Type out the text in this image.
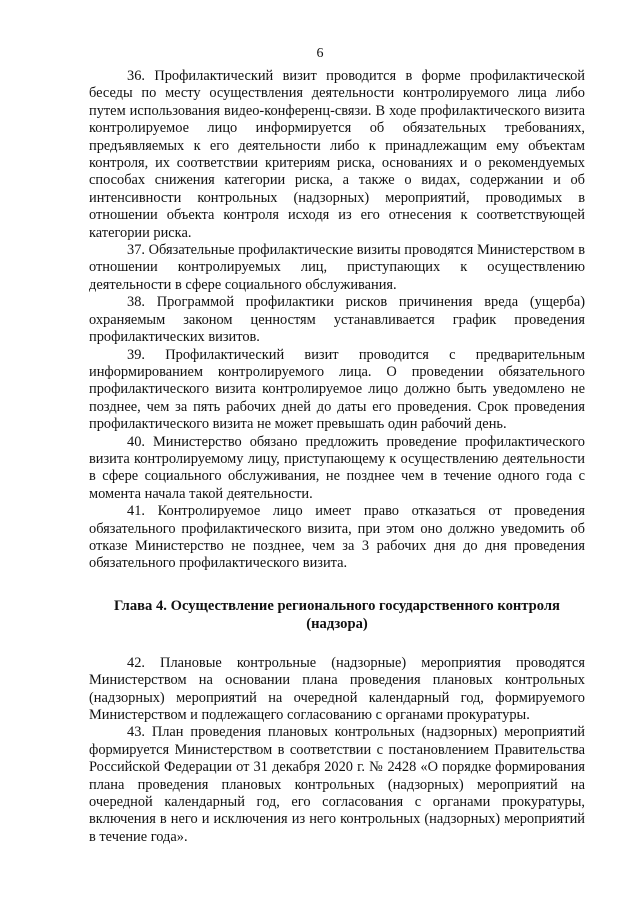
6

36. Профилактический визит проводится в форме профилактической беседы по месту осуществления деятельности контролируемого лица либо путем использования видео-конференц-связи. В ходе профилактического визита контролируемое лицо информируется об обязательных требованиях, предъявляемых к его деятельности либо к принадлежащим ему объектам контроля, их соответствии критериям риска, основаниях и о рекомендуемых способах снижения категории риска, а также о видах, содержании и об интенсивности контрольных (надзорных) мероприятий, проводимых в отношении объекта контроля исходя из его отнесения к соответствующей категории риска.

37. Обязательные профилактические визиты проводятся Министерством в отношении контролируемых лиц, приступающих к осуществлению деятельности в сфере социального обслуживания.

38. Программой профилактики рисков причинения вреда (ущерба) охраняемым законом ценностям устанавливается график проведения профилактических визитов.

39. Профилактический визит проводится с предварительным информированием контролируемого лица. О проведении обязательного профилактического визита контролируемое лицо должно быть уведомлено не позднее, чем за пять рабочих дней до даты его проведения. Срок проведения профилактического визита не может превышать один рабочий день.

40. Министерство обязано предложить проведение профилактического визита контролируемому лицу, приступающему к осуществлению деятельности в сфере социального обслуживания, не позднее чем в течение одного года с момента начала такой деятельности.

41. Контролируемое лицо имеет право отказаться от проведения обязательного профилактического визита, при этом оно должно уведомить об отказе Министерство не позднее, чем за 3 рабочих дня до дня проведения обязательного профилактического визита.

Глава 4. Осуществление регионального государственного контроля (надзора)

42. Плановые контрольные (надзорные) мероприятия проводятся Министерством на основании плана проведения плановых контрольных (надзорных) мероприятий на очередной календарный год, формируемого Министерством и подлежащего согласованию с органами прокуратуры.

43. План проведения плановых контрольных (надзорных) мероприятий формируется Министерством в соответствии с постановлением Правительства Российской Федерации от 31 декабря 2020 г. № 2428 «О порядке формирования плана проведения плановых контрольных (надзорных) мероприятий на очередной календарный год, его согласования с органами прокуратуры, включения в него и исключения из него контрольных (надзорных) мероприятий в течение года».
